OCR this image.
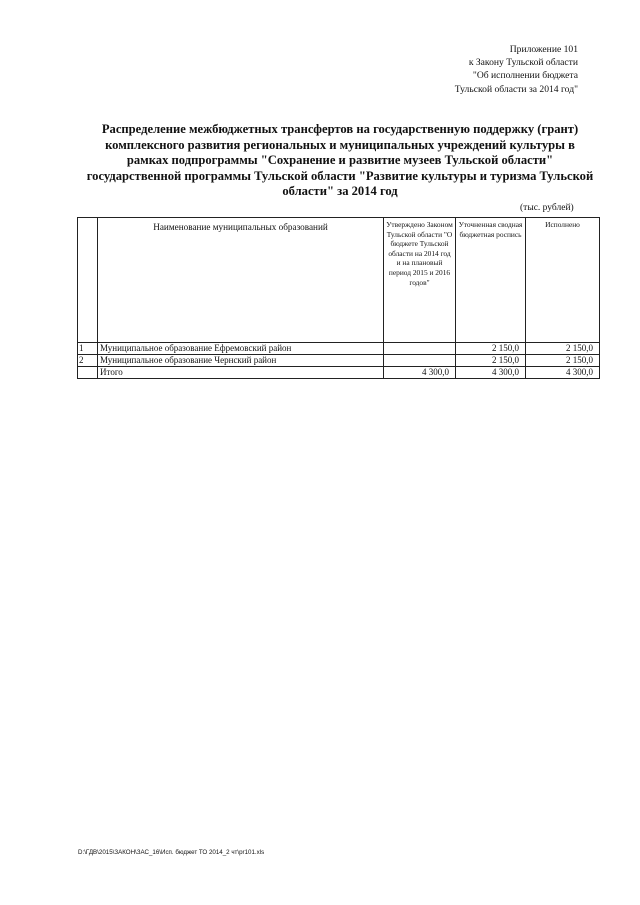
Приложение 101
к Закону Тульской области
"Об исполнении бюджета
Тульской области за 2014 год"
Распределение межбюджетных трансфертов на государственную поддержку (грант)
комплексного развития региональных и муниципальных учреждений культуры в
рамках подпрограммы "Сохранение и развитие музеев Тульской области"
государственной программы Тульской области "Развитие культуры и туризма Тульской
области" за 2014 год
(тыс. рублей)
	Наименование муниципальных образований	Утверждено Законом Тульской области "О бюджете Тульской области на 2014 год и на плановый период 2015 и 2016 годов"	Уточненная сводная бюджетная роспись	Исполнено
1	Муниципальное образование Ефремовский район		2 150,0	2 150,0
2	Муниципальное образование Чернский район		2 150,0	2 150,0
	Итого	4 300,0	4 300,0	4 300,0
D:\ГДВ\2015\ЗАКОН\ЗАС_16\Исп. бюджет ТО 2014_2 чт\pr101.xls
